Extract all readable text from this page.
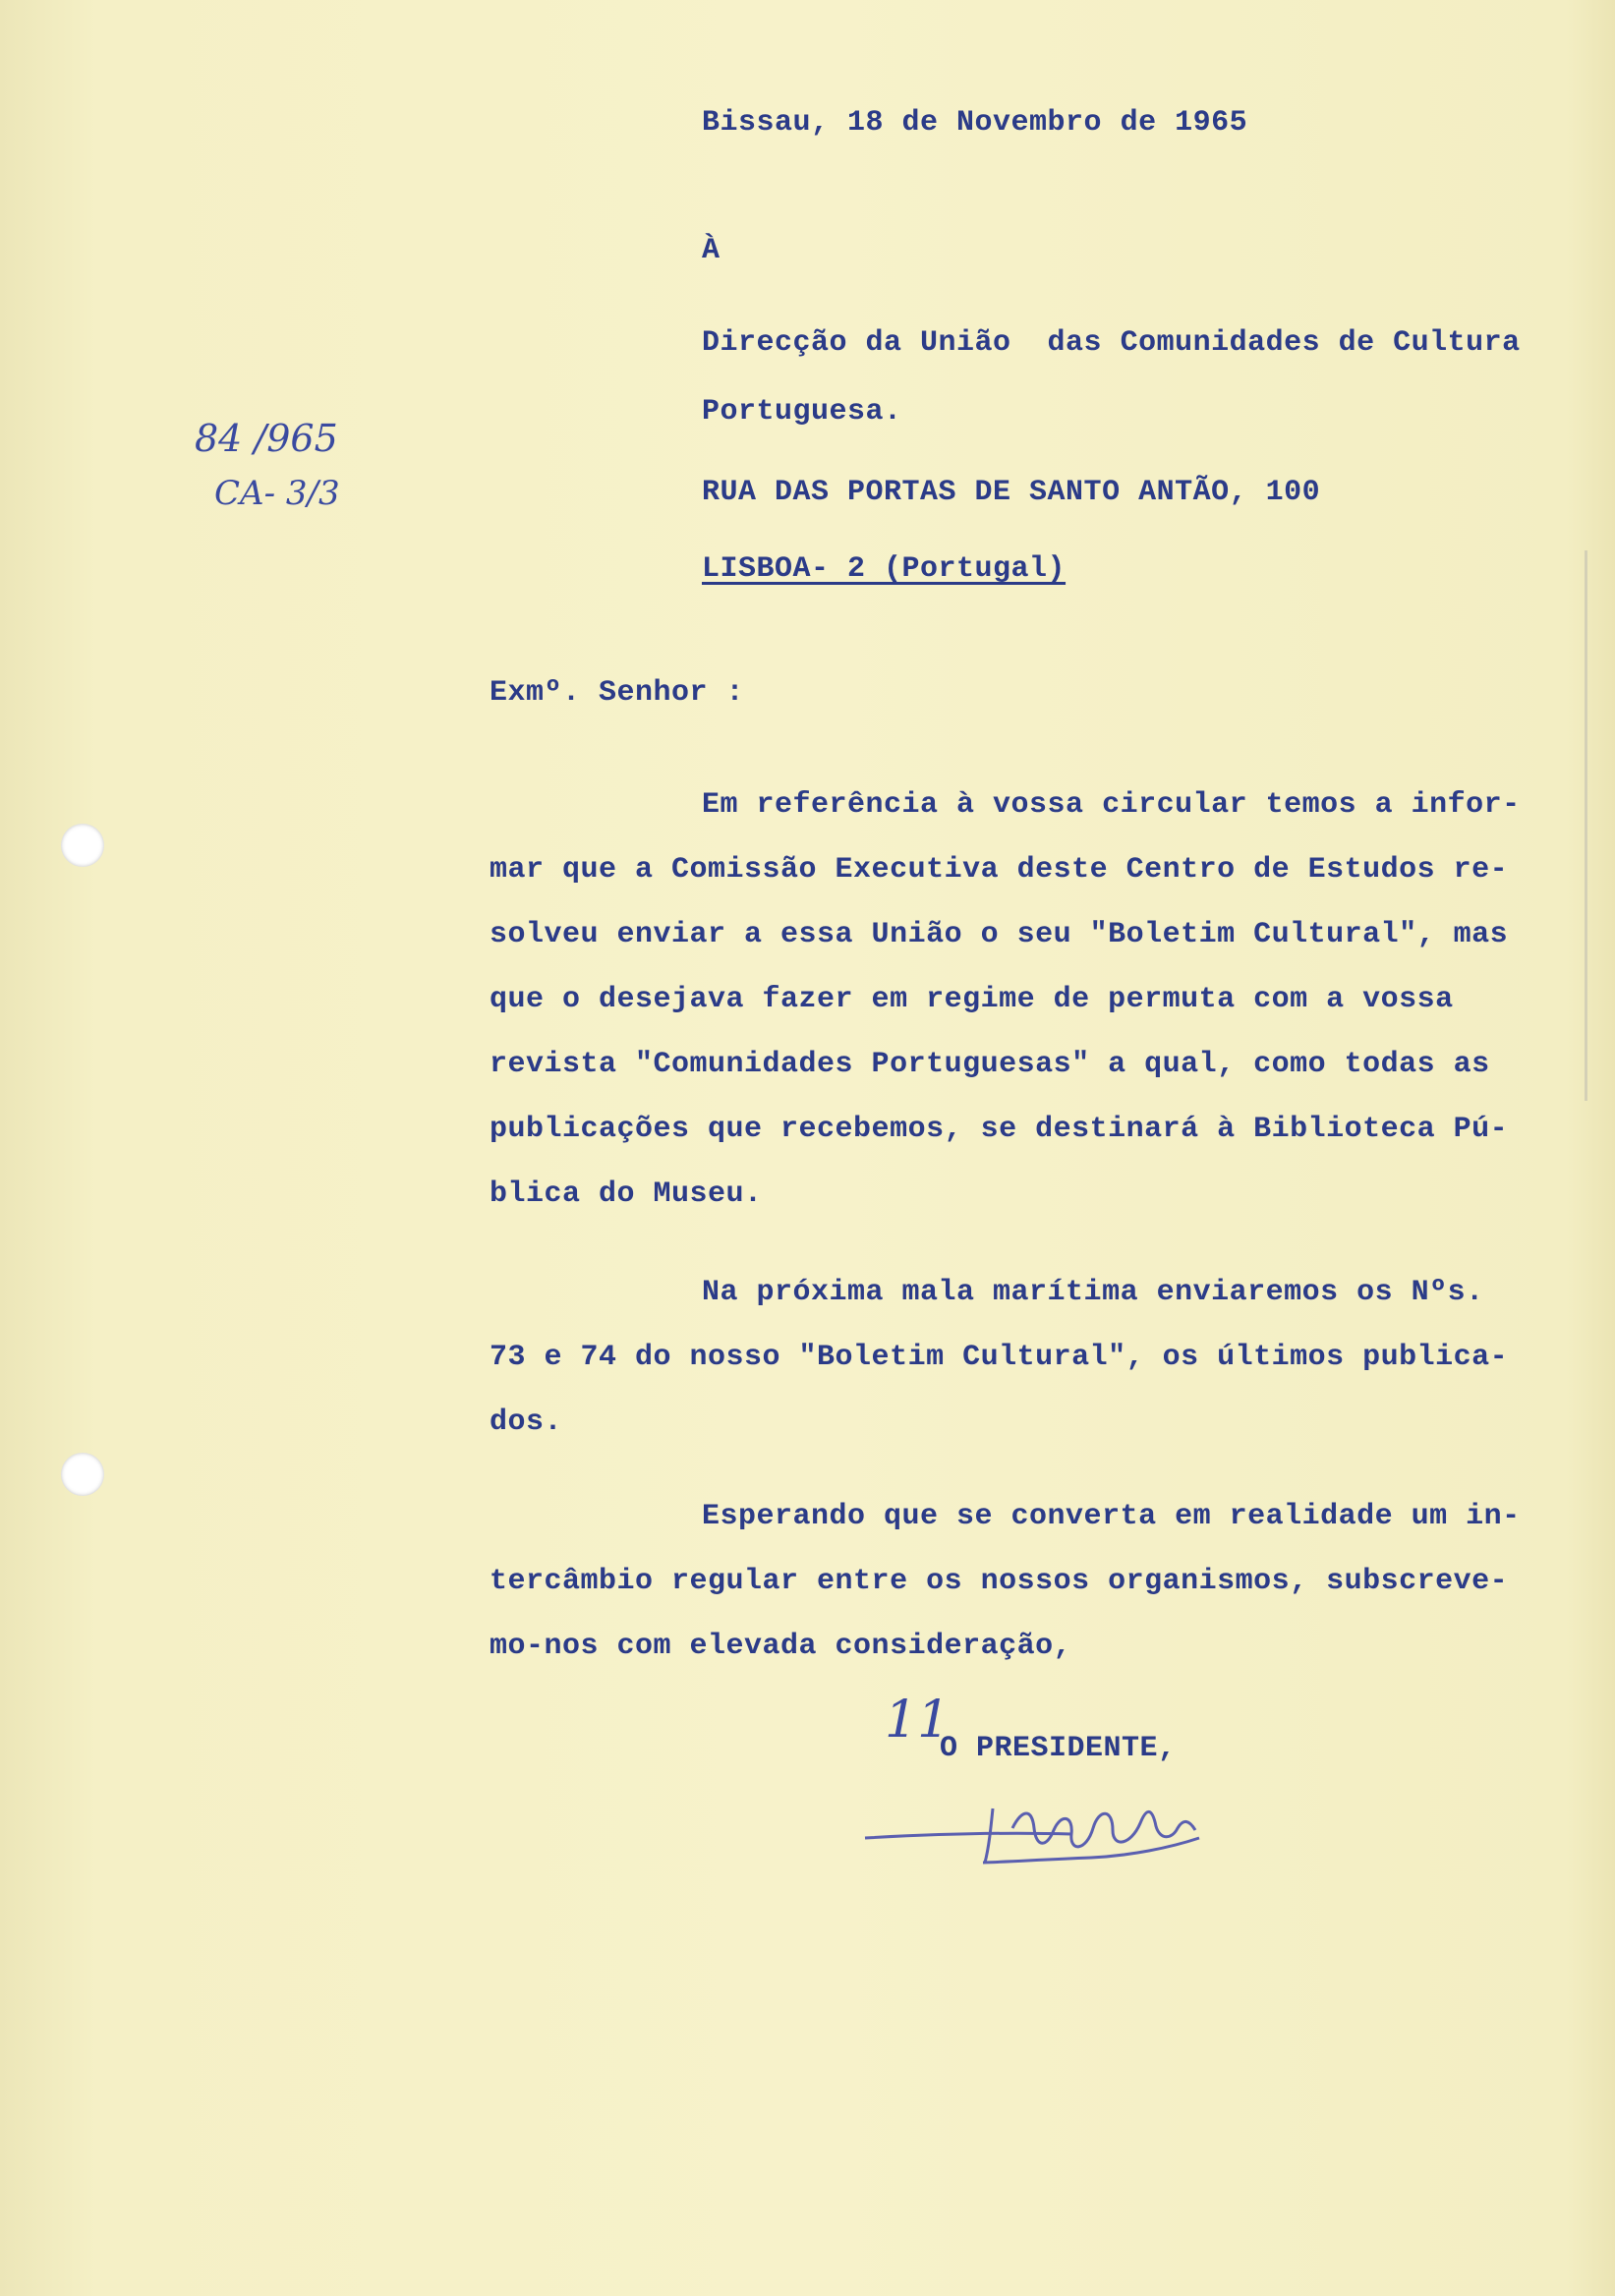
Bissau, 18 de Novembro de 1965
À
Direcção da União  das Comunidades de Cultura
Portuguesa.
RUA DAS PORTAS DE SANTO ANTÃO, 100
LISBOA- 2 (Portugal)
84 /965
CA- 3/3
Exmº. Senhor :
Em referência à vossa circular temos a infor-
mar que a Comissão Executiva deste Centro de Estudos re-
solveu enviar a essa União o seu "Boletim Cultural", mas
que o desejava fazer em regime de permuta com a vossa
revista "Comunidades Portuguesas" a qual, como todas as
publicações que recebemos, se destinará à Biblioteca Pú-
blica do Museu.
Na próxima mala marítima enviaremos os Nºs.
73 e 74 do nosso "Boletim Cultural", os últimos publica-
dos.
Esperando que se converta em realidade um in-
tercâmbio regular entre os nossos organismos, subscreve-
mo-nos com elevada consideração,
11
O PRESIDENTE,
